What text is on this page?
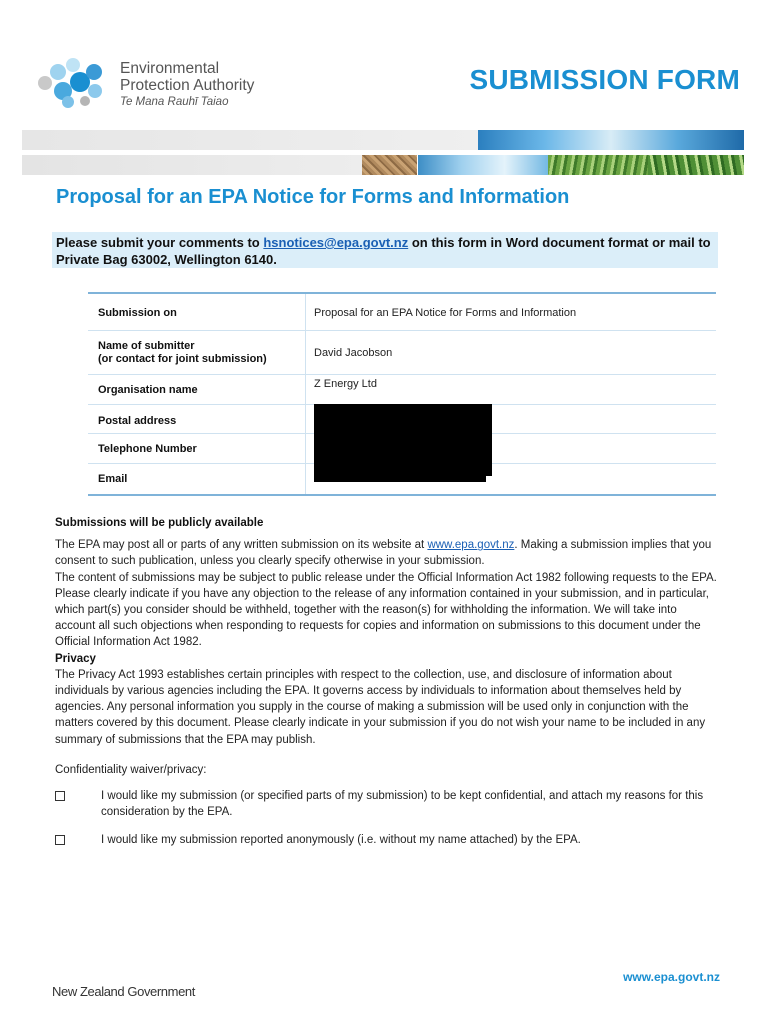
Environmental
Protection Authority
Te Mana Rauhī Taiao
SUBMISSION FORM
Proposal for an EPA Notice for Forms and Information
Please submit your comments to hsnotices@epa.govt.nz on this form in Word document format or mail to Private Bag 63002, Wellington 6140.
Submission on	Proposal for an EPA Notice for Forms and Information
Name of submitter
(or contact for joint submission)	David Jacobson
Organisation name	Z Energy Ltd
Postal address
Telephone Number
Email
Submissions will be publicly available

The EPA may post all or parts of any written submission on its website at www.epa.govt.nz. Making a submission implies that you consent to such publication, unless you clearly specify otherwise in your submission.

The content of submissions may be subject to public release under the Official Information Act 1982 following requests to the EPA. Please clearly indicate if you have any objection to the release of any information contained in your submission, and in particular, which part(s) you consider should be withheld, together with the reason(s) for withholding the information. We will take into account all such objections when responding to requests for copies and information on submissions to this document under the Official Information Act 1982.

Privacy

The Privacy Act 1993 establishes certain principles with respect to the collection, use, and disclosure of information about individuals by various agencies including the EPA. It governs access by individuals to information about themselves held by agencies. Any personal information you supply in the course of making a submission will be used only in conjunction with the matters covered by this document. Please clearly indicate in your submission if you do not wish your name to be included in any summary of submissions that the EPA may publish.

Confidentiality waiver/privacy:

I would like my submission (or specified parts of my submission) to be kept confidential, and attach my reasons for this consideration by the EPA.
I would like my submission reported anonymously (i.e. without my name attached) by the EPA.
www.epa.govt.nz
New Zealand Government
